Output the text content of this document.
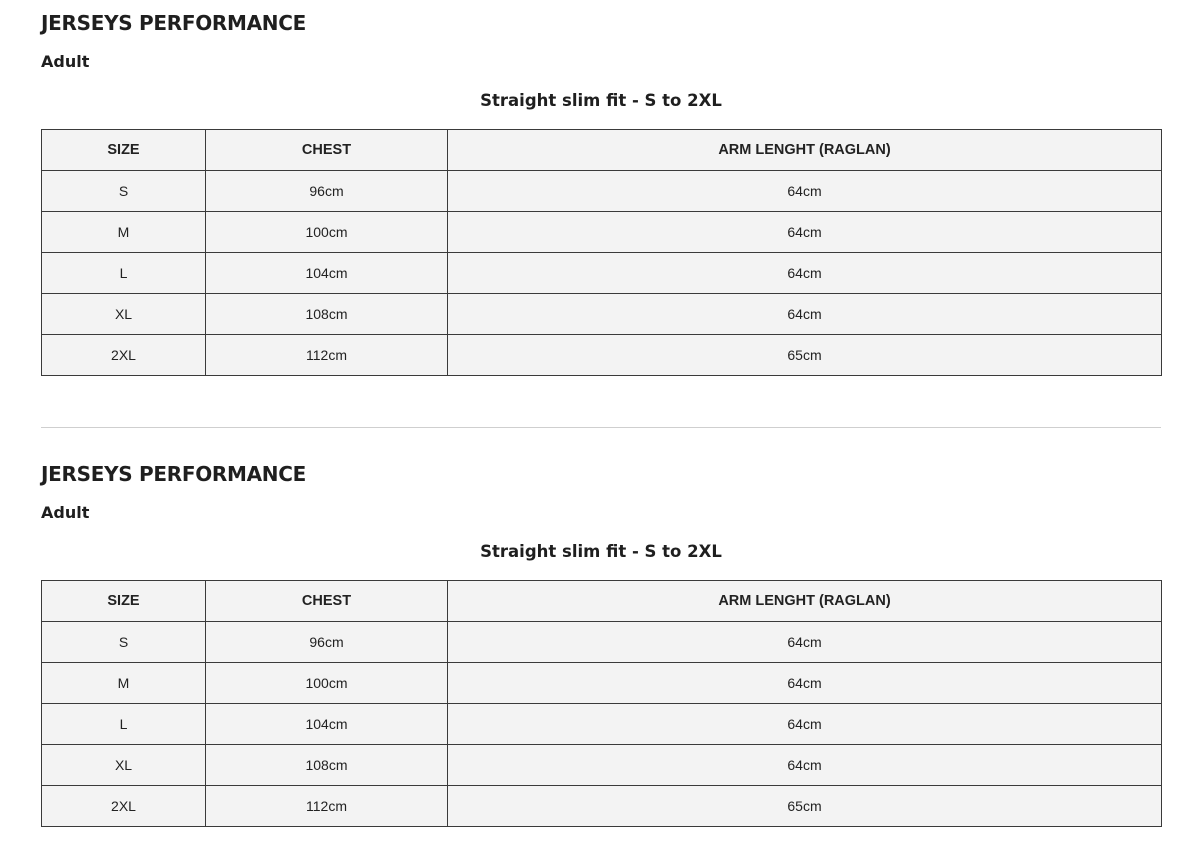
JERSEYS PERFORMANCE
Adult
Straight slim fit - S to 2XL
SIZE	CHEST	ARM LENGHT (RAGLAN)
S	96cm	64cm
M	100cm	64cm
L	104cm	64cm
XL	108cm	64cm
2XL	112cm	65cm
JERSEYS PERFORMANCE
Adult
Straight slim fit - S to 2XL
SIZE	CHEST	ARM LENGHT (RAGLAN)
S	96cm	64cm
M	100cm	64cm
L	104cm	64cm
XL	108cm	64cm
2XL	112cm	65cm
